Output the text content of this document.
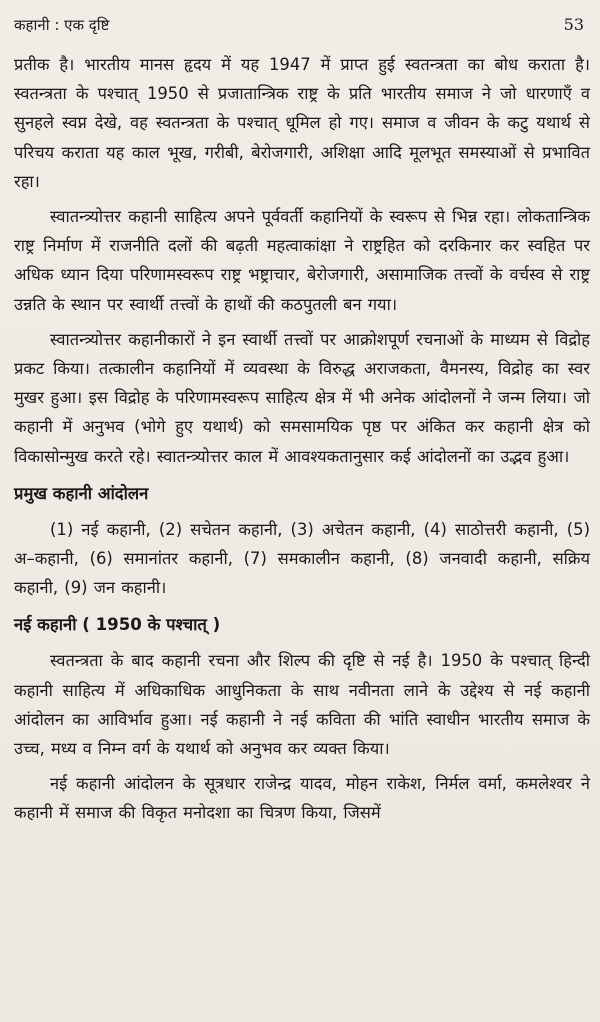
कहानी : एक दृष्टि	53

प्रतीक है। भारतीय मानस हृदय में यह 1947 में प्राप्त हुई स्वतन्त्रता का बोध कराता है। स्वतन्त्रता के पश्चात् 1950 से प्रजातान्त्रिक राष्ट्र के प्रति भारतीय समाज ने जो धारणाएँ व सुनहले स्वप्न देखे, वह स्वतन्त्रता के पश्चात् धूमिल हो गए। समाज व जीवन के कटु यथार्थ से परिचय कराता यह काल भूख, गरीबी, बेरोजगारी, अशिक्षा आदि मूलभूत समस्याओं से प्रभावित रहा।

स्वातन्त्र्योत्तर कहानी साहित्य अपने पूर्ववर्ती कहानियों के स्वरूप से भिन्न रहा। लोकतान्त्रिक राष्ट्र निर्माण में राजनीति दलों की बढ़ती महत्वाकांक्षा ने राष्ट्रहित को दरकिनार कर स्वहित पर अधिक ध्यान दिया परिणामस्वरूप राष्ट्र भष्ट्राचार, बेरोजगारी, असामाजिक तत्त्वों के वर्चस्व से राष्ट्र उन्नति के स्थान पर स्वार्थी तत्त्वों के हाथों की कठपुतली बन गया।

स्वातन्त्र्योत्तर कहानीकारों ने इन स्वार्थी तत्त्वों पर आक्रोशपूर्ण रचनाओं के माध्यम से विद्रोह प्रकट किया। तत्कालीन कहानियों में व्यवस्था के विरुद्ध अराजकता, वैमनस्य, विद्रोह का स्वर मुखर हुआ। इस विद्रोह के परिणामस्वरूप साहित्य क्षेत्र में भी अनेक आंदोलनों ने जन्म लिया। जो कहानी में अनुभव (भोगे हुए यथार्थ) को समसामयिक पृष्ठ पर अंकित कर कहानी क्षेत्र को विकासोन्मुख करते रहे। स्वातन्त्र्योत्तर काल में आवश्यकतानुसार कई आंदोलनों का उद्भव हुआ।

प्रमुख कहानी आंदोलन

(1) नई कहानी, (2) सचेतन कहानी, (3) अचेतन कहानी, (4) साठोत्तरी कहानी, (5) अ–कहानी, (6) समानांतर कहानी, (7) समकालीन कहानी, (8) जनवादी कहानी, सक्रिय कहानी, (9) जन कहानी।

नई कहानी ( 1950 के पश्चात् )

स्वतन्त्रता के बाद कहानी रचना और शिल्प की दृष्टि से नई है। 1950 के पश्चात् हिन्दी कहानी साहित्य में अधिकाधिक आधुनिकता के साथ नवीनता लाने के उद्देश्य से नई कहानी आंदोलन का आविर्भाव हुआ। नई कहानी ने नई कविता की भांति स्वाधीन भारतीय समाज के उच्च, मध्य व निम्न वर्ग के यथार्थ को अनुभव कर व्यक्त किया।

नई कहानी आंदोलन के सूत्रधार राजेन्द्र यादव, मोहन राकेश, निर्मल वर्मा, कमलेश्वर ने कहानी में समाज की विकृत मनोदशा का चित्रण किया, जिसमें
